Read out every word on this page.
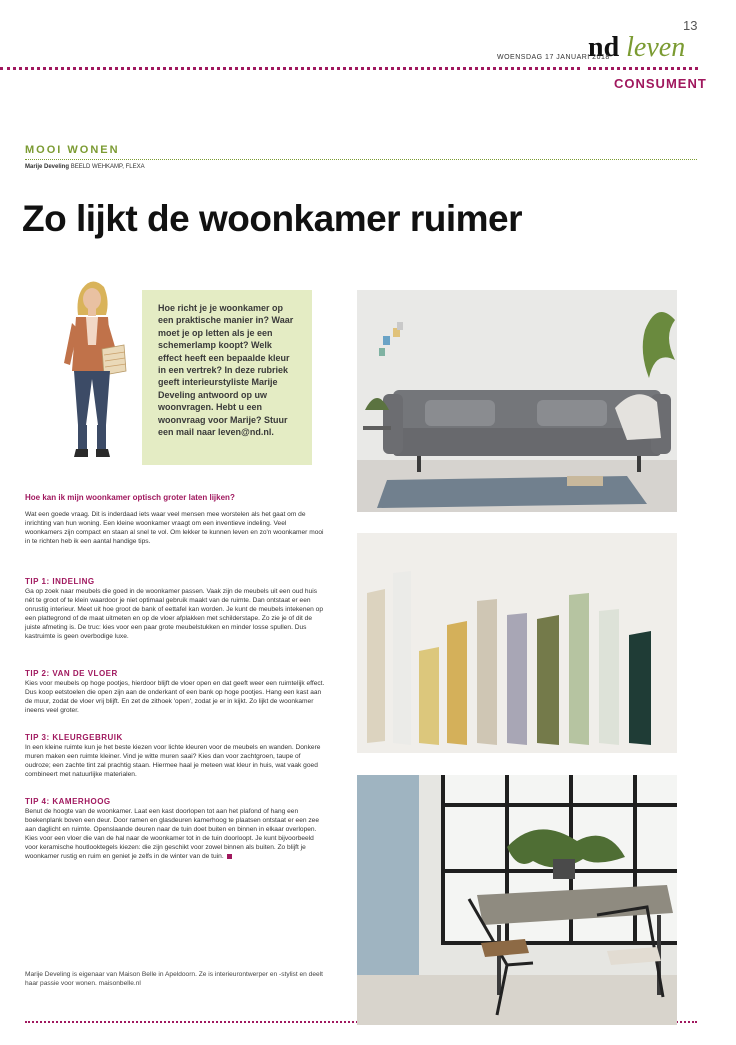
13
nd leven
WOENSDAG 17 JANUARI 2018
CONSUMENT
MOOI WONEN
Marije Develing BEELD WEHKAMP, FLEXA
Zo lijkt de woonkamer ruimer

Hoe richt je je woonkamer op een praktische manier in? Waar moet je op letten als je een schemerlamp koopt? Welk effect heeft een bepaalde kleur in een vertrek? In deze rubriek geeft interieurstyliste Marije Develing antwoord op uw woonvragen. Hebt u een woonvraag voor Marije? Stuur een mail naar leven@nd.nl.

Hoe kan ik mijn woonkamer optisch groter laten lijken?
Wat een goede vraag. Dit is inderdaad iets waar veel mensen mee worstelen als het gaat om de inrichting van hun woning. Een kleine woonkamer vraagt om een inventieve indeling. Veel woonkamers zijn compact en staan al snel te vol. Om lekker te kunnen leven en zo'n woonkamer mooi in te richten heb ik een aantal handige tips.
TIP 1: INDELING
Ga op zoek naar meubels die goed in de woonkamer passen. Vaak zijn de meubels uit een oud huis nét te groot of te klein waardoor je niet optimaal gebruik maakt van de ruimte. Dan ontstaat er een onrustig interieur. Meet uit hoe groot de bank of eettafel kan worden. Je kunt de meubels intekenen op een plattegrond of de maat uitmeten en op de vloer afplakken met schilderstape. Zo zie je of dit de juiste afmeting is. De truc: kies voor een paar grote meubelstukken en minder losse spullen. Dus kastruimte is geen overbodige luxe.
TIP 2: VAN DE VLOER
Kies voor meubels op hoge pootjes, hierdoor blijft de vloer open en dat geeft weer een ruimtelijk effect. Dus koop eetstoelen die open zijn aan de onderkant of een bank op hoge pootjes. Hang een kast aan de muur, zodat de vloer vrij blijft. En zet de zithoek 'open', zodat je er in kijkt. Zo lijkt de woonkamer ineens veel groter.
TIP 3: KLEURGEBRUIK
In een kleine ruimte kun je het beste kiezen voor lichte kleuren voor de meubels en wanden. Donkere muren maken een ruimte kleiner. Vind je witte muren saai? Kies dan voor zachtgroen, taupe of oudroze; een zachte tint zal prachtig staan. Hiermee haal je meteen wat kleur in huis, wat vaak goed combineert met natuurlijke materialen.
TIP 4: KAMERHOOG
Benut de hoogte van de woonkamer. Laat een kast doorlopen tot aan het plafond of hang een boekenplank boven een deur. Door ramen en glasdeuren kamerhoog te plaatsen ontstaat er een zee aan daglicht en ruimte. Openslaande deuren naar de tuin doet buiten en binnen in elkaar overlopen. Kies voor een vloer die van de hal naar de woonkamer tot in de tuin doorloopt. Je kunt bijvoorbeeld voor keramische houtlooktegels kiezen: die zijn geschikt voor zowel binnen als buiten. Zo blijft je woonkamer rustig en ruim en geniet je zelfs in de winter van de tuin.
Marije Develing is eigenaar van Maison Belle in Apeldoorn. Ze is interieurontwerper en -stylist en deelt haar passie voor wonen. maisonbelle.nl
